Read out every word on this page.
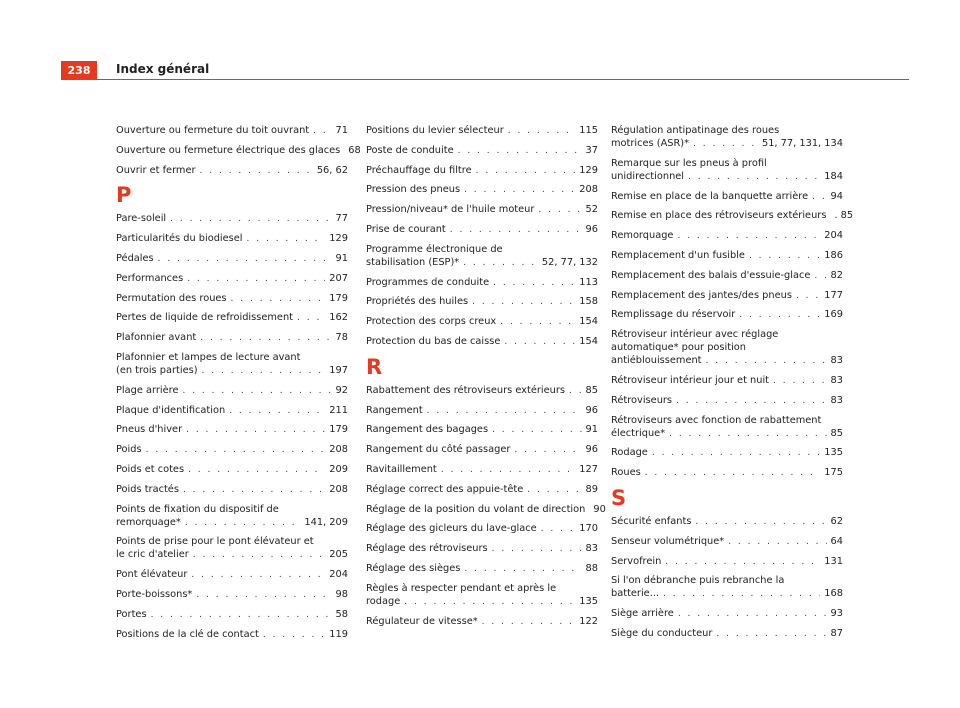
238	Index général
Ouverture ou fermeture du toit ouvrant . . .	71
Ouverture ou fermeture électrique des glaces 68
Ouvrir et fermer . . .	56, 62
P
Pare-soleil . . .	77
Particularités du biodiesel . . .	129
Pédales . . .	91
Performances . . .	207
Permutation des roues . . .	179
Pertes de liquide de refroidissement . . .	162
Plafonnier avant . . .	78
Plafonnier et lampes de lecture avant
(en trois parties) . . .	197
Plage arrière . . .	92
Plaque d'identification . . .	211
Pneus d'hiver . . .	179
Poids . . .	208
Poids et cotes . . .	209
Poids tractés . . .	208
Points de fixation du dispositif de
remorquage* . . .	141, 209
Points de prise pour le pont élévateur et
le cric d'atelier . . .	205
Pont élévateur . . .	204
Porte-boissons* . . .	98
Portes . . .	58
Positions de la clé de contact . . .	119
Positions du levier sélecteur . . .	115
Poste de conduite . . .	37
Préchauffage du filtre . . .	129
Pression des pneus . . .	208
Pression/niveau* de l'huile moteur . . .	52
Prise de courant . . .	96
Programme électronique de
stabilisation (ESP)* . . .	52, 77, 132
Programmes de conduite . . .	113
Propriétés des huiles . . .	158
Protection des corps creux . . .	154
Protection du bas de caisse . . .	154
R
Rabattement des rétroviseurs extérieurs . . . 85
Rangement . . .	96
Rangement des bagages . . .	91
Rangement du côté passager . . .	96
Ravitaillement . . .	127
Réglage correct des appuie-tête . . .	89
Réglage de la position du volant de direction 90
Réglage des gicleurs du lave-glace . . .	170
Réglage des rétroviseurs . . .	83
Réglage des sièges . . .	88
Règles à respecter pendant et après le
rodage . . .	135
Régulateur de vitesse* . . .	122
Régulation antipatinage des roues
motrices (ASR)* . . .	51, 77, 131, 134
Remarque sur les pneus à profil
unidirectionnel . . .	184
Remise en place de la banquette arrière . . . 94
Remise en place des rétroviseurs extérieurs . 85
Remorquage . . .	204
Remplacement d'un fusible . . .	186
Remplacement des balais d'essuie-glace . . . 82
Remplacement des jantes/des pneus . . .	177
Remplissage du réservoir . . .	169
Rétroviseur intérieur avec réglage
automatique* pour position
antiéblouissement . . .	83
Rétroviseur intérieur jour et nuit . . .	83
Rétroviseurs . . .	83
Rétroviseurs avec fonction de rabattement
électrique* . . .	85
Rodage . . .	135
Roues . . .	175
S
Sécurité enfants . . .	62
Senseur volumétrique* . . .	64
Servofrein . . .	131
Si l'on débranche puis rebranche la
batterie... . . .	168
Siège arrière . . .	93
Siège du conducteur . . .	87
